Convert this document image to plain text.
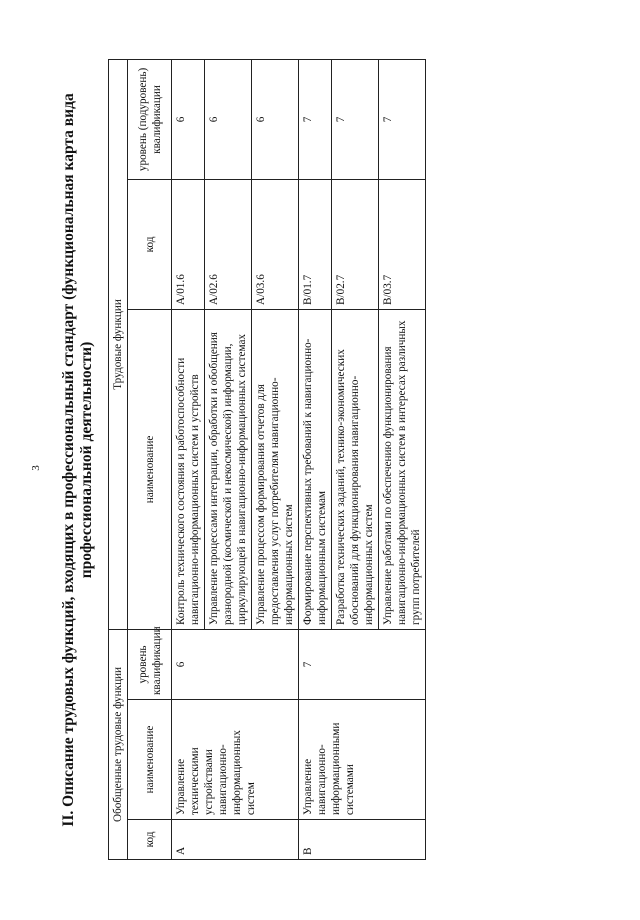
3 II. Описание трудовых функций, входящих в профессиональный стандарт (функциональная карта вида профессиональной деятельности)
Обобщенные трудовые функции			Трудовые функции		
код	наименование	уровень квалификации	наименование	код	уровень (подуровень) квалификации
A	Управление техническими устройствами навигационно-информационных систем	6	Контроль технического состояния и работоспособности навигационно-информационных систем и устройств	A/01.6	6
			Управление процессами интеграции, обработки и обобщения разнородной (космической и некосмической) информации, циркулирующей в навигационно-информационных системах	A/02.6	6
			Управление процессом формирования отчетов для предоставления услуг потребителям навигационно-информационных систем	A/03.6	6
B	Управление навигационно-информационными системами	7	Формирование перспективных требований к навигационно-информационным системам	B/01.7	7
			Разработка технических заданий, технико-экономических обоснований для функционирования навигационно-информационных систем	B/02.7	7
			Управление работами по обеспечению функционирования навигационно-информационных систем в интересах различных групп потребителей	B/03.7	7
